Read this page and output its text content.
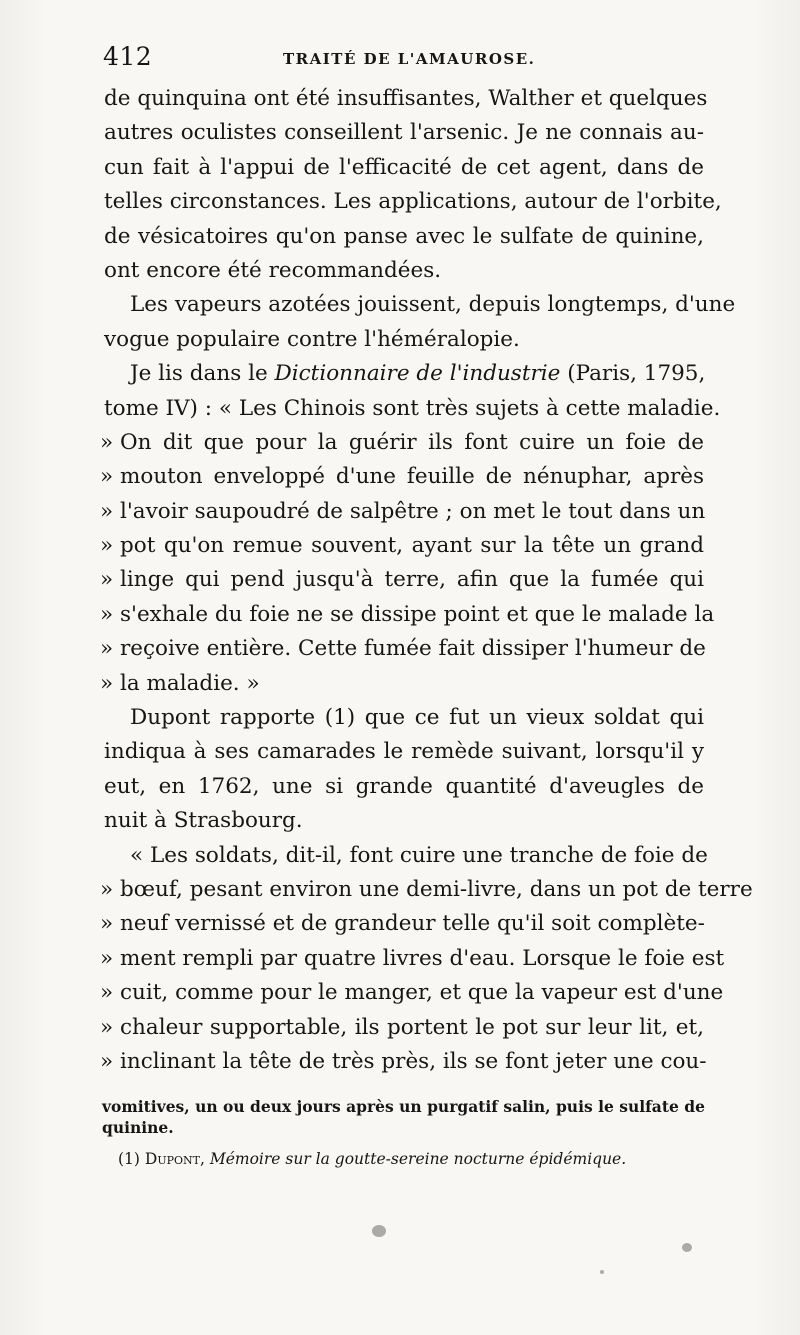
412	TRAITÉ DE L'AMAUROSE.
de quinquina ont été insuffisantes, Walther et quelques
autres oculistes conseillent l'arsenic. Je ne connais au-
cun fait à l'appui de l'efficacité de cet agent, dans de
telles circonstances. Les applications, autour de l'orbite,
de vésicatoires qu'on panse avec le sulfate de quinine,
ont encore été recommandées.
Les vapeurs azotées jouissent, depuis longtemps, d'une
vogue populaire contre l'héméralopie.
Je lis dans le Dictionnaire de l'industrie (Paris, 1795,
tome IV) : « Les Chinois sont très sujets à cette maladie.
» On dit que pour la guérir ils font cuire un foie de
» mouton enveloppé d'une feuille de nénuphar, après
» l'avoir saupoudré de salpêtre ; on met le tout dans un
» pot qu'on remue souvent, ayant sur la tête un grand
» linge qui pend jusqu'à terre, afin que la fumée qui
» s'exhale du foie ne se dissipe point et que le malade la
» reçoive entière. Cette fumée fait dissiper l'humeur de
» la maladie. »
Dupont rapporte (1) que ce fut un vieux soldat qui
indiqua à ses camarades le remède suivant, lorsqu'il y
eut, en 1762, une si grande quantité d'aveugles de
nuit à Strasbourg.
« Les soldats, dit-il, font cuire une tranche de foie de
» bœuf, pesant environ une demi-livre, dans un pot de terre
» neuf vernissé et de grandeur telle qu'il soit complète-
» ment rempli par quatre livres d'eau. Lorsque le foie est
» cuit, comme pour le manger, et que la vapeur est d'une
» chaleur supportable, ils portent le pot sur leur lit, et,
» inclinant la tête de très près, ils se font jeter une cou-
vomitives, un ou deux jours après un purgatif salin, puis le sulfate de
quinine.
(1) Dupont, Mémoire sur la goutte-sereine nocturne épidémique.
